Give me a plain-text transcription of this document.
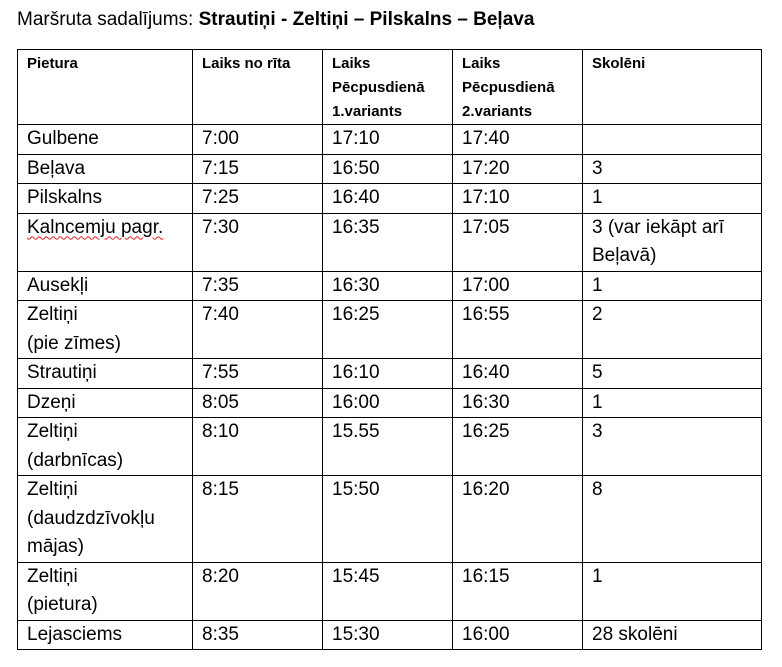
Maršruta sadalījums: Strautiņi - Zeltiņi – Pilskalns – Beļava
Pietura	Laiks no rīta	Laiks
Pēcpusdienā
1.variants	Laiks
Pēcpusdienā
2.variants	Skolēni

Gulbene	7:00	17:10	17:40	

Beļava	7:15	16:50	17:20	3

Pilskalns	7:25	16:40	17:10	1

Kalncemju pagr.	7:30	16:35	17:05	3 (var iekāpt arī
Beļavā)

Ausekļi	7:35	16:30	17:00	1

Zeltiņi
(pie zīmes)	7:40	16:25	16:55	2

Strautiņi	7:55	16:10	16:40	5

Dzeņi	8:05	16:00	16:30	1

Zeltiņi
(darbnīcas)	8:10	15.55	16:25	3

Zeltiņi
(daudzdzīvokļu
mājas)	8:15	15:50	16:20	8

Zeltiņi
(pietura)	8:20	15:45	16:15	1

Lejasciems	8:35	15:30	16:00	28 skolēni
